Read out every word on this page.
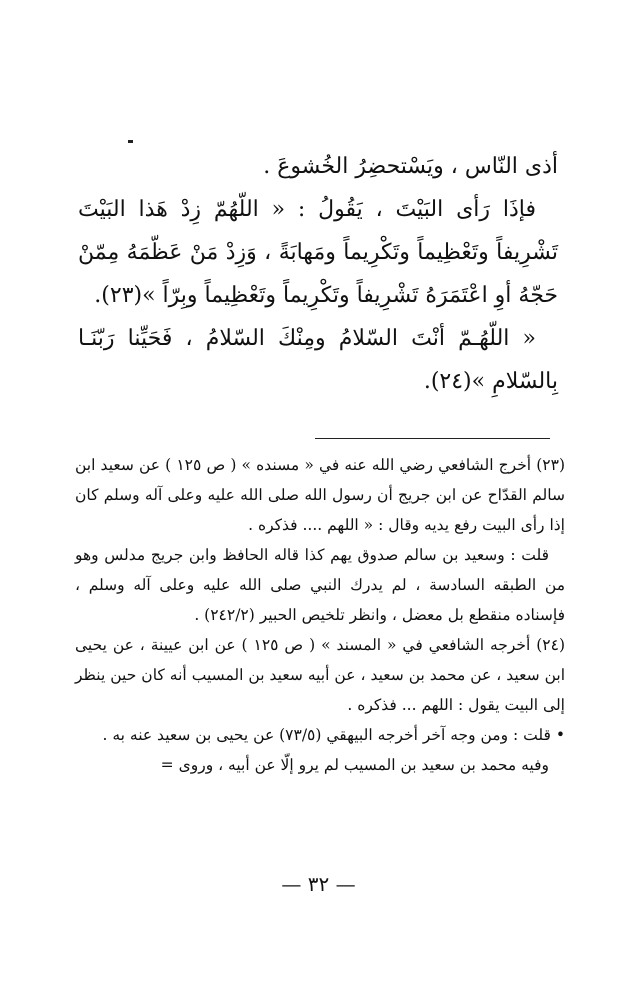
أذى النّاس ، ويَسْتحضِرُ الخُشوعَ .

فإذَا رَأى البَيْتَ ، يَقُولُ : « اللّهُمّ زِدْ هَذا البَيْتَ تَشْرِيفاً وتَعْظِيماً وتَكْرِيماً ومَهابَةً ، وَزِدْ مَنْ عَظّمَهُ مِمّنْ حَجّهُ أوِ اعْتَمَرَهُ تَشْرِيفاً وتَكْرِيماً وتَعْظِيماً وبِرّاً »(٢٣).

« اللّهُـمّ أنْتَ السّلامُ ومِنْكَ السّلامُ ، فَحَيِّنا رَبّنَـا بِالسّلامِ »(٢٤).

(٢٣) أخرج الشافعي رضي الله عنه في « مسنده » ( ص ١٢٥ ) عن سعيد ابن سالم القدّاح عن ابن جريج أن رسول الله صلى الله عليه وعلى آله وسلم كان إذا رأى البيت رفع يديه وقال : « اللهم .... فذكره .
قلت : وسعيد بن سالم صدوق يهم كذا قاله الحافظ وابن جريج مدلس وهو من الطبقه السادسة ، لم يدرك النبي صلى الله عليه وعلى آله وسلم ، فإسناده منقطع بل معضل ، وانظر تلخيص الحبير (٢٤٢/٢) .
(٢٤) أخرجه الشافعي في « المسند » ( ص ١٢٥ ) عن ابن عيينة ، عن يحيى ابن سعيد ، عن محمد بن سعيد ، عن أبيه سعيد بن المسيب أنه كان حين ينظر إلى البيت يقول : اللهم ... فذكره .
• قلت : ومن وجه آخر أخرجه البيهقي (٧٣/٥) عن يحيى بن سعيد عنه به .
وفيه محمد بن سعيد بن المسيب لم يرو إلّا عن أبيه ، وروى =
— ٣٢ —
